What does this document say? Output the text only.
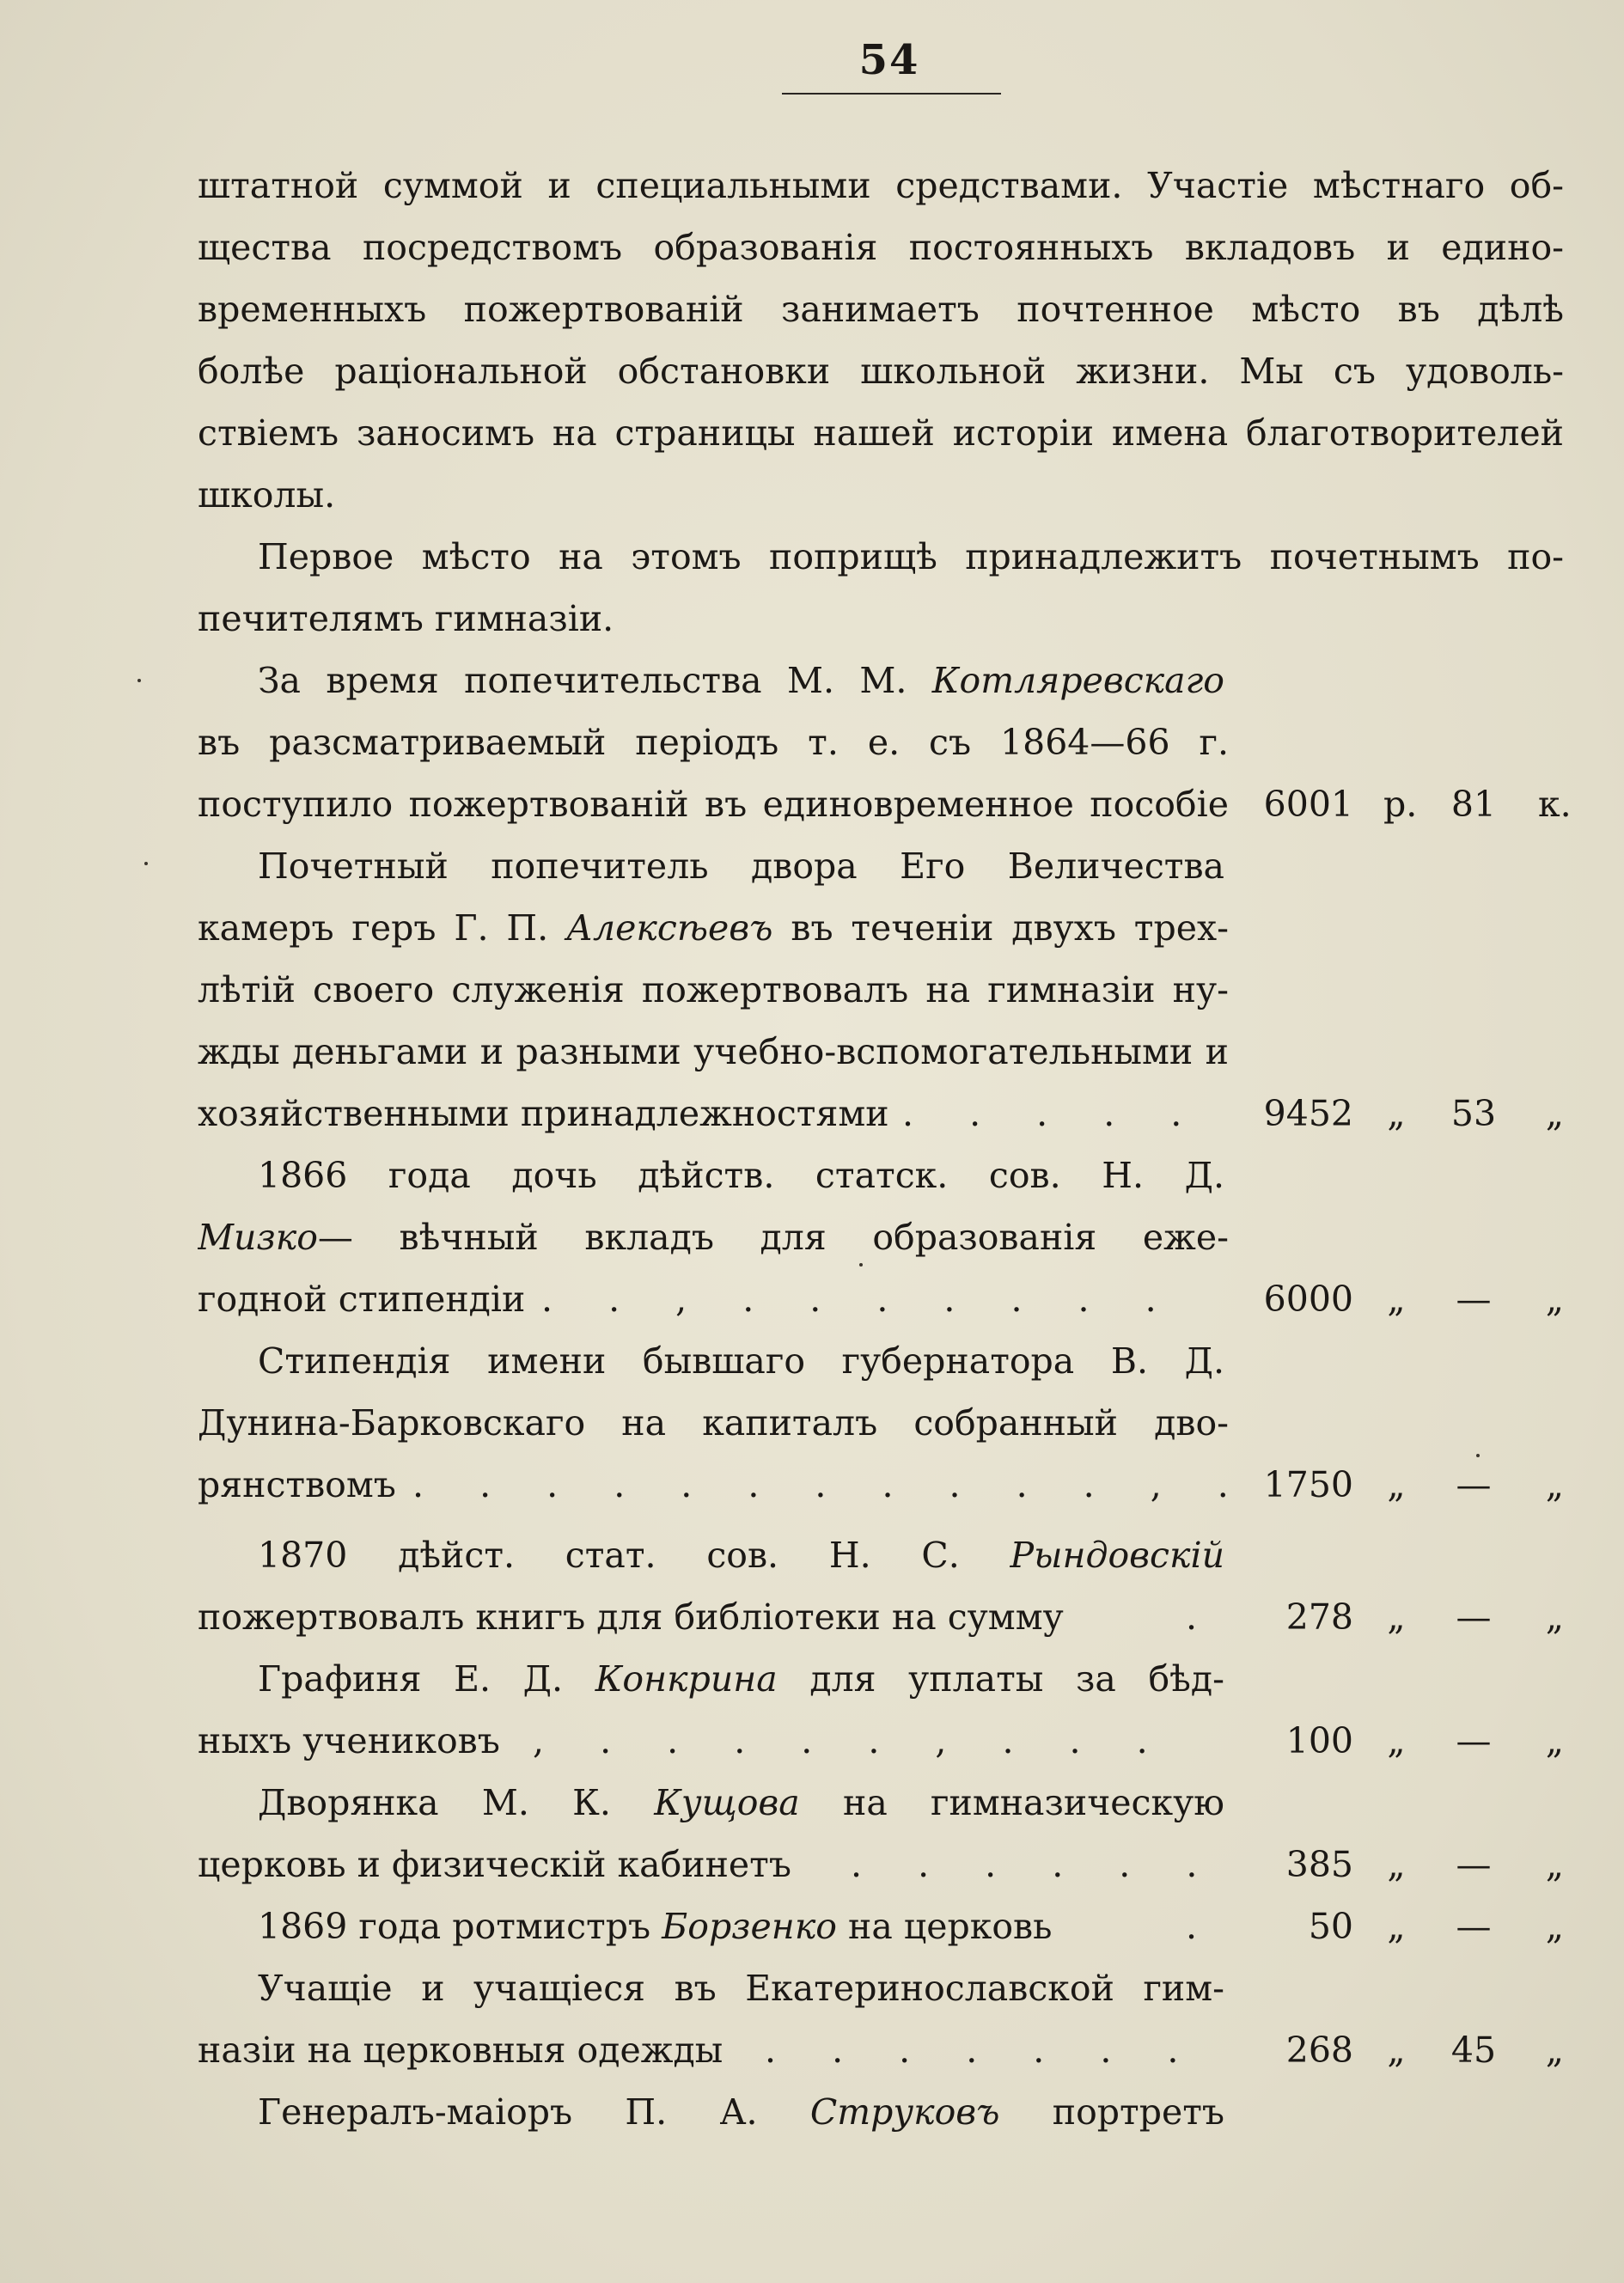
54
штатной суммой и специальными средствами. Участіе мѣстнаго об-
щества посредствомъ образованія постоянныхъ вкладовъ и едино-
временныхъ пожертвованій занимаетъ почтенное мѣсто въ дѣлѣ
болѣе раціональной обстановки школьной жизни. Мы съ удоволь-
ствіемъ заносимъ на страницы нашей исторіи имена благотворителей
школы.
Первое мѣсто на этомъ поприщѣ принадлежитъ почетнымъ по-
печителямъ гимназіи.
За время попечительства М. М. Котляревскаго
въ разсматриваемый періодъ т. е. съ 1864—66 г.
поступило пожертвованій въ единовременное пособіе 6001 р. 81	к.
Почетный попечитель двора Его Величества
камеръ геръ Г. П. Алексѣевъ въ теченіи двухъ трех-
лѣтій своего служенія пожертвовалъ на гимназіи ну-
жды деньгами и разными учебно-вспомогательными и
хозяйственными принадлежностями . . . . .	9452 „	53	„
1866 года дочь дѣйств. статск. сов. Н. Д.
Мизко— вѣчный вкладъ для образованія еже-
годной стипендіи . . , . . . . . . .	6000 „	—	„
Стипендія имени бывшаго губернатора В. Д.
Дунина-Барковскаго на капиталъ собранный дво-
рянствомъ . . . . . . . . . . . , . 1750 „	—	„
1870 дѣйст. стат. сов. Н. С. Рындовскій
пожертвовалъ книгъ для библіотеки на сумму	.	278 „	—	„
Графиня Е. Д. Конкрина для уплаты за бѣд-
ныхъ учениковъ , . . . . . , . . .	100 „	—	„
Дворянка М. К. Кущова на гимназическую
церковь и физическій кабинетъ . . . . . .	385 „	—	„
1869 года ротмистръ Борзенко на церковь	.	50 „	—	„
Учащіе и учащіеся въ Екатеринославской гим-
назіи на церковныя одежды . . . . . . .	268 „	45	„
Генералъ-маіоръ П. А. Струковъ портретъ
